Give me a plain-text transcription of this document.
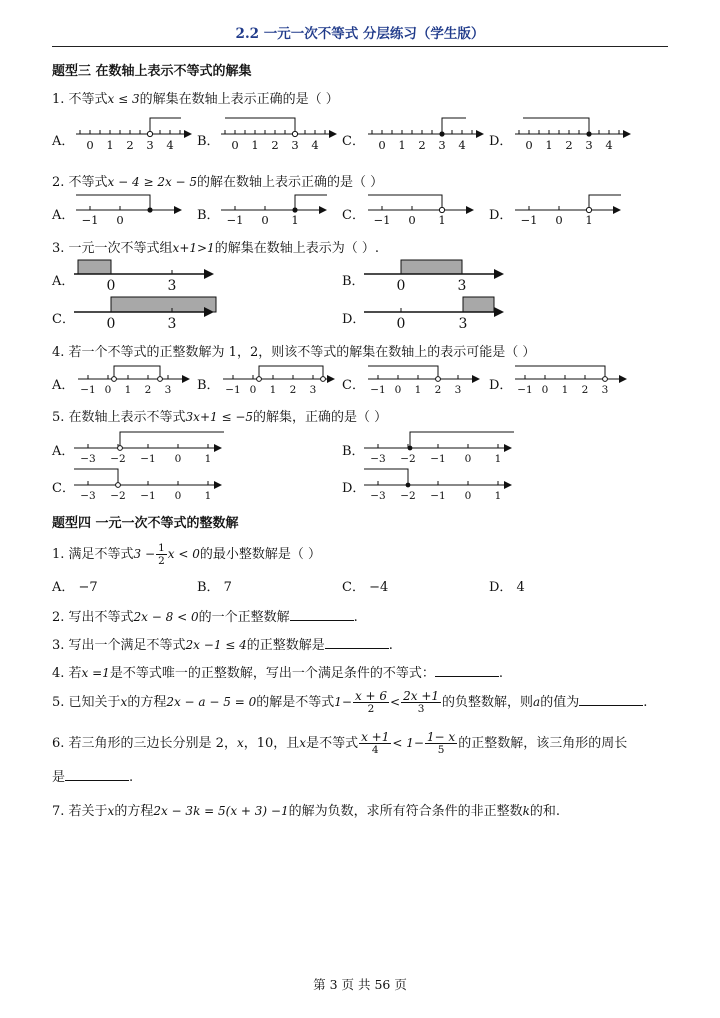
2.2 一元一次不等式 分层练习（学生版）
题型三 在数轴上表示不等式的解集
1. 不等式x ≤ 3的解集在数轴上表示正确的是（ ）
A．	B．	C．	D．
0 1 2 3 4	0 1 2 3 4	0 1 2 3 4	0 1 2 3 4
2. 不等式x − 4 ≥ 2x − 5的解在数轴上表示正确的是（ ）
A．	B．	C．	D．
−1 0	−1 0 1	−1 0 1	−1 0 1
3. 一元一次不等式组x+1>1的解集在数轴上表示为（ ）.
A．	B．
C．	D．
0	3	0	3
0	3	0	3
4. 若一个不等式的正整数解为 1，2，则该不等式的解集在数轴上的表示可能是（ ）
A．	B．	C．	D．
−1 0 1 2 3	−1 0 1 2 3	−1 0 1 2 3	−1 0 1 2 3
5. 在数轴上表示不等式3x+1 ≤ −5的解集，正确的是（ ）
A．	B．
C．	D．
−3 −2 −1 0 1	−3 −2 −1 0 1
−3 −2 −1 0 1	−3 −2 −1 0 1
题型四 一元一次不等式的整数解
1. 满足不等式$3 - \frac{1}{2}$ x < 0的最小整数解是（ ）
A． −7	B． 7	C． −4	D． 4
2. 写出不等式2x − 8 < 0的一个正整数解	.
3. 写出一个满足不等式2x −1 ≤ 4的正整数解是	.
4. 若x =1是不等式唯一的正整数解，写出一个满足条件的不等式：	.
5. 已知关于x的方程2x − a − 5 = 0的解是不等式$1- \frac{x + 6}{2} < \frac{2x +1}{3}$ 的负整数解，则a的值为	.
6. 若三角形的三边长分别是 2，x，10，且x是不等式 $\frac{x +1}{4} < 1- \frac{1- x}{5}$ 的正整数解，该三角形的周长
是	.
7. 若关于x的方程2x − 3k = 5(x + 3) −1的解为负数，求所有符合条件的非正整数k的和.
第 3 页 共 56 页
